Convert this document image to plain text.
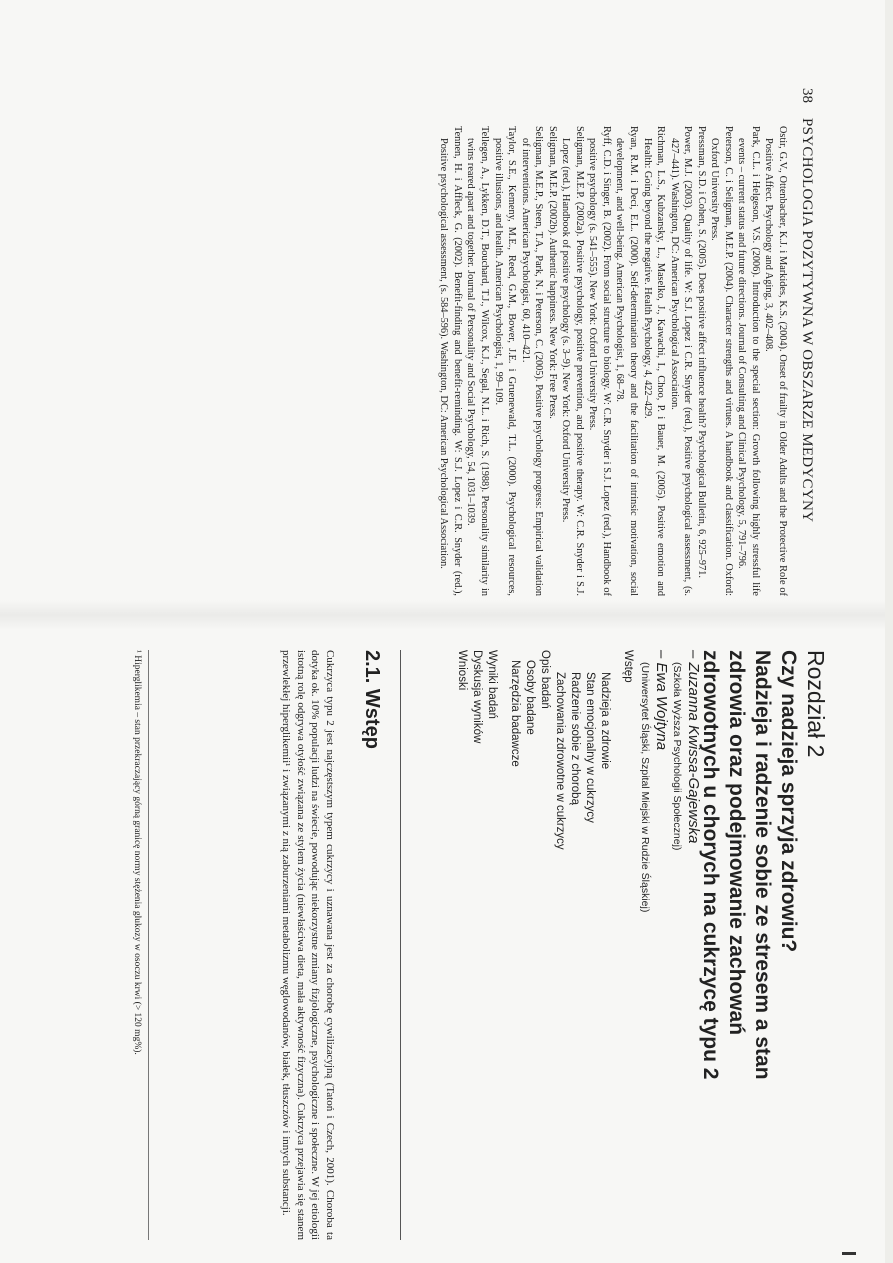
38
PSYCHOLOGIA POZYTYWNA W OBSZARZE MEDYCYNY

Ostir, G.V., Ottenbacher, K.J. i Markides, K.S. (2004). Onset of frailty in Older Adults and the Protective Role of Positive Affect. Psychology and Aging, 3, 402–408.

Park, C.L. i Helgeson, V.S. (2006). Introduction to the special section: Growth following highly stressful life events – current status and future directions. Journal of Consulting and Clinical Psychology, 5, 791–796.

Peterson, C. i Seligman, M.E.P. (2004). Character strengths and virtues. A handbook and classification. Oxford: Oxford University Press.

Pressman, S.D. i Cohen, S. (2005). Does positive affect influence health? Psychological Bulletin, 6, 925–971.

Power, M.J. (2003). Quality of life. W: S.J. Lopez i C.R. Snyder (red.), Positive psychological assessment, (s. 427–441). Washington, DC: American Psychological Association.

Richman, L.S., Kubzansky, L., Maselko, J., Kawachi, I., Choo, P. i Bauer, M. (2005). Positive emotion and Health: Going beyond the negative. Health Psychology, 4, 422–429.

Ryan, R.M. i Deci, E.L. (2000). Self-determination theory and the facilitation of intrinsic motivation, social development, and well-being. American Psychologist, 1, 68–78.

Ryff, C.D. i Singer, B. (2002). From social structure to biology. W: C.R. Snyder i S.J. Lopez (red.), Handbook of positive psychology (s. 541–555). New York: Oxford University Press.

Seligman, M.E.P. (2002a). Positive psychology, positive prevention, and positive therapy. W: C.R. Snyder i S.J. Lopez (red.), Handbook of positive psychology (s. 3–9). New York: Oxford University Press.

Seligman, M.E.P. (2002b). Authentic happiness. New York: Free Press.

Seligman, M.E.P., Steen, T.A., Park, N. i Peterson, C. (2005). Positive psychology progress: Empirical validation of interventions. American Psychologist, 60, 410–421.

Taylor, S.E., Kemeny, M.E., Reed, G.M., Bower, J.E. i Gruenewald, T.L. (2000). Psychological resources, positive illusions, and health. American Psychologist, 1, 99–109.

Tellegen, A., Lykken, D.T., Bouchard, T.J., Wilcox, K.J., Segal, N.L. i Rich, S. (1988). Personality similarity in twins reared apart and together. Journal of Personality and Social Psychology, 54, 1031–1039.

Tennen, H. i Affleck, G. (2002). Benefit-finding and benefit-reminding. W: S.J. Lopez i C.R. Snyder (red.), Positive psychological assessment, (s. 584–596). Washington, DC: American Psychological Association.

Rozdział 2
Czy nadzieja sprzyja zdrowiu?
Nadzieja i radzenie sobie ze stresem a stan
zdrowia oraz podejmowanie zachowań
zdrowotnych u chorych na cukrzycę typu 2
– Zuzanna Kwissa-Gajewska
(Szkoła Wyższa Psychologii Społecznej)
– Ewa Wojtyna
(Uniwersytet Śląski, Szpital Miejski w Rudzie Śląskiej)
Wstęp
Nadzieja a zdrowie
Stan emocjonalny w cukrzycy
Radzenie sobie z chorobą
Zachowania zdrowotne w cukrzycy
Opis badań
Osoby badane
Narzędzia badawcze
Wyniki badań
Dyskusja wyników
Wnioski
2.1. Wstęp
Cukrzyca typu 2 jest najczęstszym typem cukrzycy i uznawana jest za chorobę cywilizacyjną (Tatoń i Czech, 2001). Choroba ta dotyka ok. 10% populacji ludzi na świecie, powodując niekorzystne zmiany fizjologiczne, psychologiczne i społeczne. W jej etiologii istotną rolę odgrywa otyłość związana ze stylem życia (niewłaściwa dieta, mała aktywność fizyczna). Cukrzyca przejawia się stanem przewlekłej hiperglikemii¹ i związanymi z nią zaburzeniami metabolizmu węglowodanów, białek, tłuszczów i innych substancji.
¹ Hiperglikemia – stan przekraczający górną granicę normy stężenia glukozy w osoczu krwi (> 120 mg%).
